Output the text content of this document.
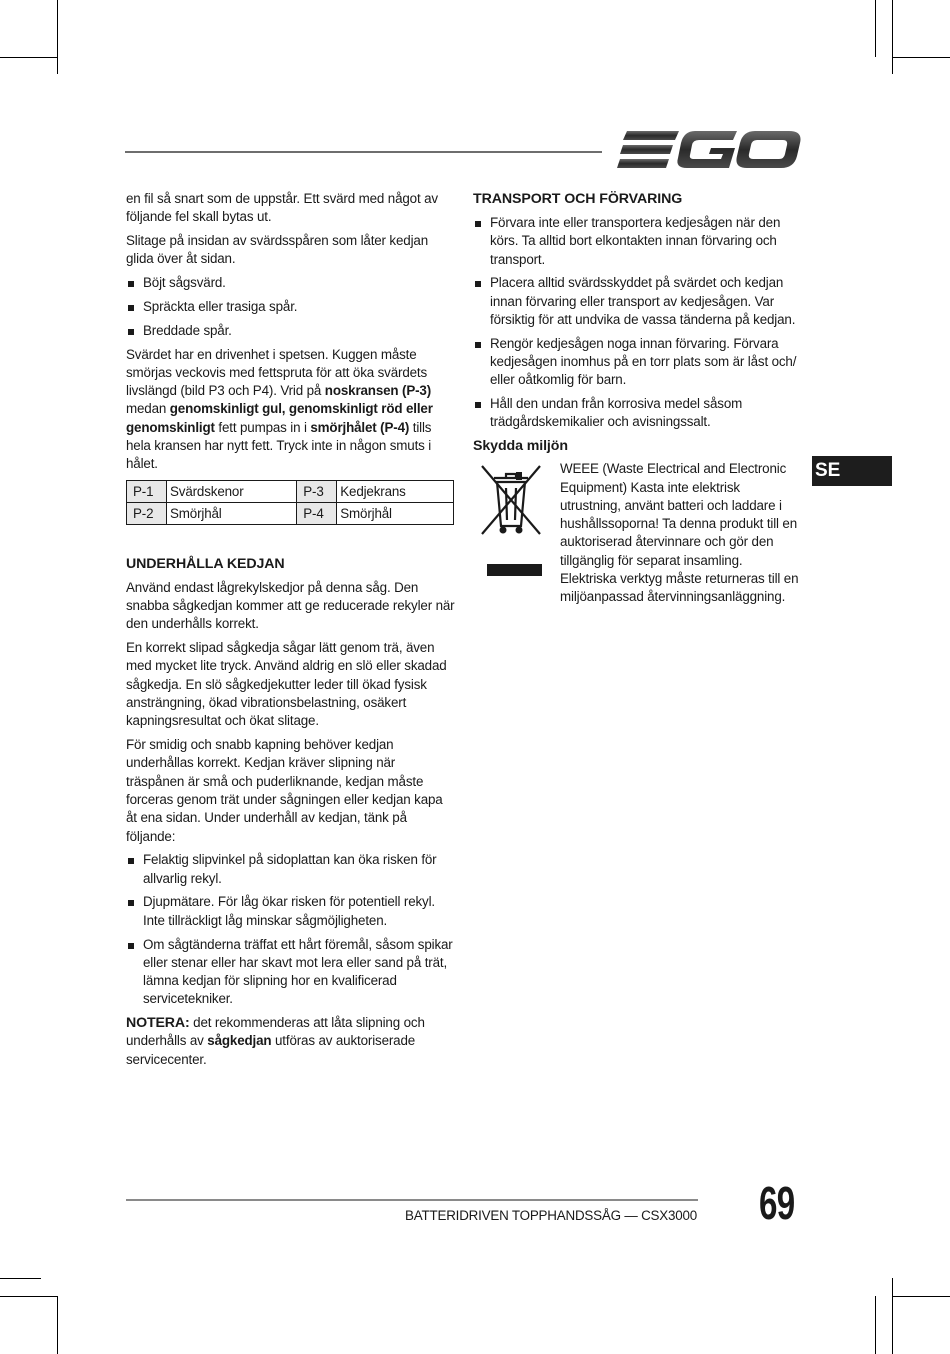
en fil så snart som de uppstår. Ett svärd med något av följande fel skall bytas ut.

Slitage på insidan av svärdsspåren som låter kedjan glida över åt sidan.

Böjt sågsvärd.
Spräckta eller trasiga spår.
Breddade spår.

Svärdet har en drivenhet i spetsen. Kuggen måste smörjas veckovis med fettspruta för att öka svärdets livslängd (bild P3 och P4). Vrid på noskransen (P-3) medan genomskinligt gul, genomskinligt röd eller genomskinligt fett pumpas in i smörjhålet (P-4) tills hela kransen har nytt fett. Tryck inte in någon smuts i hålet.

P-1	Svärdskenor	P-3	Kedjekrans
P-2	Smörjhål	P-4	Smörjhål
UNDERHÅLLA KEDJAN

Använd endast lågrekylskedjor på denna såg. Den snabba sågkedjan kommer att ge reducerade rekyler när den underhålls korrekt.

En korrekt slipad sågkedja sågar lätt genom trä, även med mycket lite tryck. Använd aldrig en slö eller skadad sågkedja. En slö sågkedjekutter leder till ökad fysisk ansträngning, ökad vibrationsbelastning, osäkert kapningsresultat och ökat slitage.

För smidig och snabb kapning behöver kedjan underhållas korrekt. Kedjan kräver slipning när träspånen är små och puderliknande, kedjan måste forceras genom trät under sågningen eller kedjan kapa åt ena sidan. Under underhåll av kedjan, tänk på följande:

Felaktig slipvinkel på sidoplattan kan öka risken för allvarlig rekyl.
Djupmätare. För låg ökar risken för potentiell rekyl. Inte tillräckligt låg minskar sågmöjligheten.
Om sågtänderna träffat ett hårt föremål, såsom spikar eller stenar eller har skavt mot lera eller sand på trät, lämna kedjan för slipning hor en kvalificerad servicetekniker.

NOTERA: det rekommenderas att låta slipning och underhålls av sågkedjan utföras av auktoriserade servicecenter.

TRANSPORT OCH FÖRVARING
Förvara inte eller transportera kedjesågen när den körs. Ta alltid bort elkontakten innan förvaring och transport.
Placera alltid svärdsskyddet på svärdet och kedjan innan förvaring eller transport av kedjesågen. Var försiktig för att undvika de vassa tänderna på kedjan.
Rengör kedjesågen noga innan förvaring. Förvara kedjesågen inomhus på en torr plats som är låst och/ eller oåtkomlig för barn.
Håll den undan från korrosiva medel såsom trädgårdskemikalier och avisningssalt.
Skydda miljön

WEEE (Waste Electrical and Electronic Equipment) Kasta inte elektrisk utrustning, använt batteri och laddare i hushållssoporna! Ta denna produkt till en auktoriserad återvinnare och gör den tillgänglig för separat insamling. Elektriska verktyg måste returneras till en miljöanpassad återvinningsanläggning.

SE
BATTERIDRIVEN TOPPHANDSSÅG — CSX3000 69
